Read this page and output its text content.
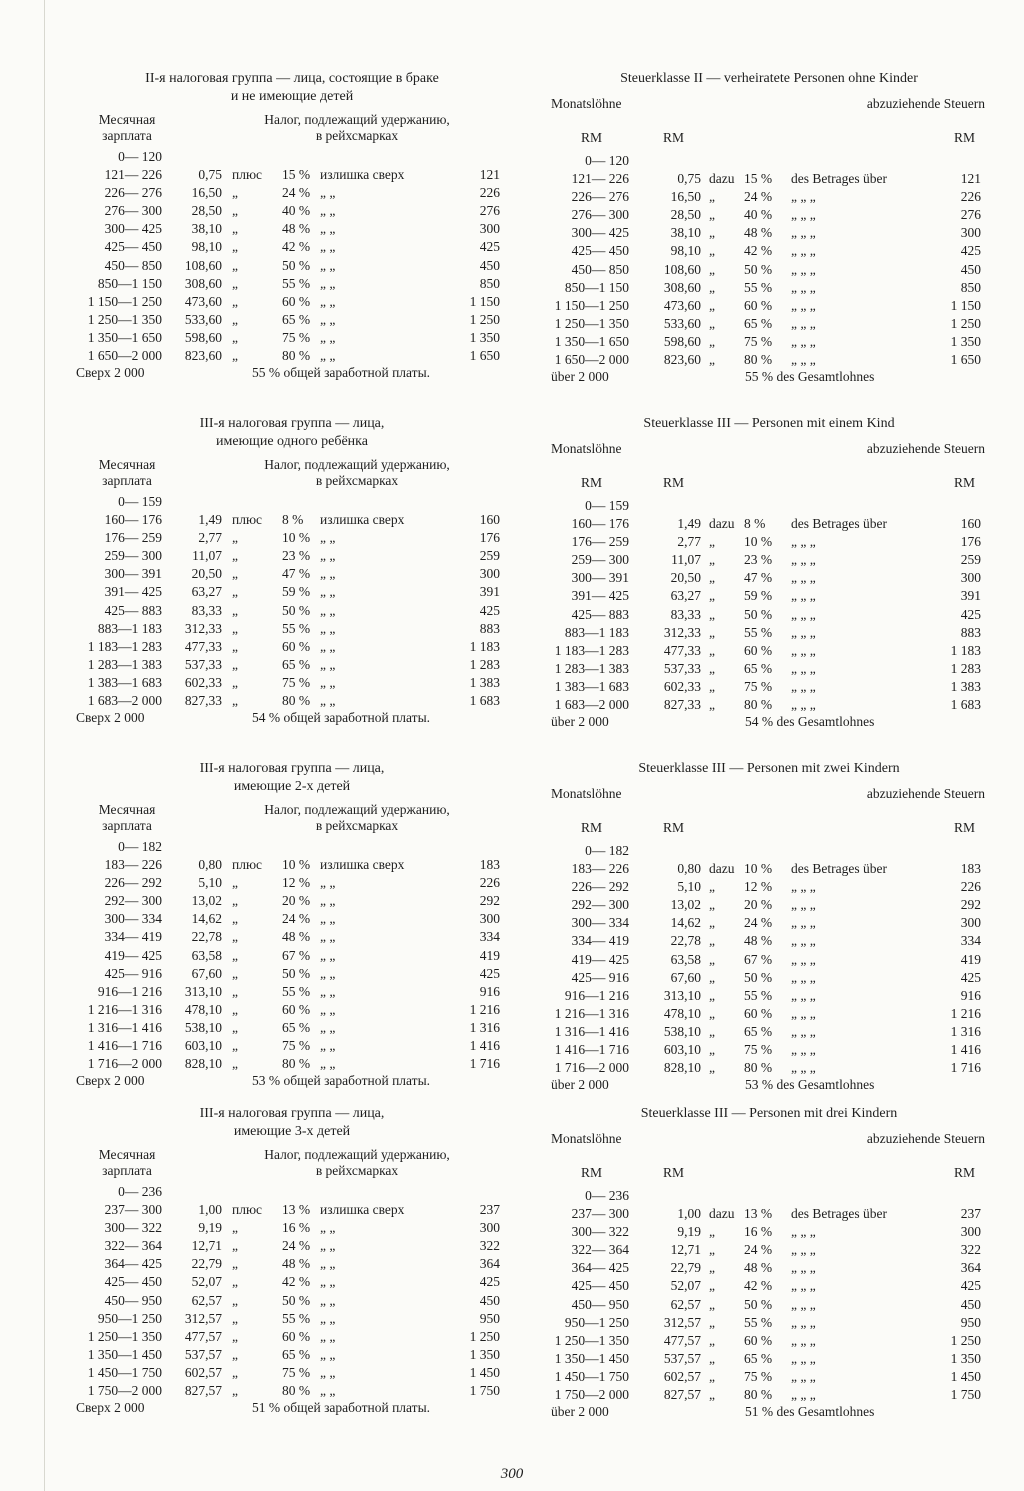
II-я налоговая группа — лица, состоящие в браке
и не имеющие детей
Месячная
зарплата
Налог, подлежащий удержанию,
в рейхсмарках
0— 120
121— 226	0,75 плюс 15 % излишка сверх	121
226— 276	16,50 „	24 % „ „	226
276— 300	28,50 „	40 % „ „	276
300— 425	38,10 „	48 % „ „	300
425— 450	98,10 „	42 % „ „	425
450— 850	108,60 „	50 % „ „	450
850—1 150	308,60 „	55 % „ „	850
1 150—1 250	473,60 „	60 % „ „	1 150
1 250—1 350	533,60 „	65 % „ „	1 250
1 350—1 650	598,60 „	75 % „ „	1 350
1 650—2 000	823,60 „	80 % „ „	1 650
Сверх 2 000	55 % общей заработной платы.
III-я налоговая группа — лица,
имеющие одного ребёнка
Месячная
зарплата
Налог, подлежащий удержанию,
в рейхсмарках
0— 159
160— 176	1,49 плюс 8 % излишка сверх	160
176— 259	2,77 „	10 % „ „	176
259— 300	11,07 „	23 % „ „	259
300— 391	20,50 „	47 % „ „	300
391— 425	63,27 „	59 % „ „	391
425— 883	83,33 „	50 % „ „	425
883—1 183	312,33 „	55 % „ „	883
1 183—1 283	477,33 „	60 % „ „	1 183
1 283—1 383	537,33 „	65 % „ „	1 283
1 383—1 683	602,33 „	75 % „ „	1 383
1 683—2 000	827,33 „	80 % „ „	1 683
Сверх 2 000	54 % общей заработной платы.
III-я налоговая группа — лица,
имеющие 2-х детей
Месячная
зарплата
Налог, подлежащий удержанию,
в рейхсмарках
0— 182
183— 226	0,80 плюс 10 % излишка сверх	183
226— 292	5,10 „	12 % „ „	226
292— 300	13,02 „	20 % „ „	292
300— 334	14,62 „	24 % „ „	300
334— 419	22,78 „	48 % „ „	334
419— 425	63,58 „	67 % „ „	419
425— 916	67,60 „	50 % „ „	425
916—1 216	313,10 „	55 % „ „	916
1 216—1 316	478,10 „	60 % „ „	1 216
1 316—1 416	538,10 „	65 % „ „	1 316
1 416—1 716	603,10 „	75 % „ „	1 416
1 716—2 000	828,10 „	80 % „ „	1 716
Сверх 2 000	53 % общей заработной платы.
III-я налоговая группа — лица,
имеющие 3-х детей
Месячная
зарплата
Налог, подлежащий удержанию,
в рейхсмарках
0— 236
237— 300	1,00 плюс 13 % излишка сверх	237
300— 322	9,19 „	16 % „ „	300
322— 364	12,71 „	24 % „ „	322
364— 425	22,79 „	48 % „ „	364
425— 450	52,07 „	42 % „ „	425
450— 950	62,57 „	50 % „ „	450
950—1 250	312,57 „	55 % „ „	950
1 250—1 350	477,57 „	60 % „ „	1 250
1 350—1 450	537,57 „	65 % „ „	1 350
1 450—1 750	602,57 „	75 % „ „	1 450
1 750—2 000	827,57 „	80 % „ „	1 750
Сверх 2 000	51 % общей заработной платы.
Steuerklasse II — verheiratete Personen ohne Kinder
Monatslöhne	abzuziehende Steuern
RM	RM	RM
0— 120
121— 226	0,75 dazu 15 % des Betrages über	121
226— 276	16,50 „ 24 % „ „ „	226
276— 300	28,50 „ 40 % „ „ „	276
300— 425	38,10 „ 48 % „ „ „	300
425— 450	98,10 „ 42 % „ „ „	425
450— 850	108,60 „ 50 % „ „ „	450
850—1 150	308,60 „ 55 % „ „ „	850
1 150—1 250	473,60 „ 60 % „ „ „	1 150
1 250—1 350	533,60 „ 65 % „ „ „	1 250
1 350—1 650	598,60 „ 75 % „ „ „	1 350
1 650—2 000	823,60 „ 80 % „ „ „	1 650
über 2 000	55 % des Gesamtlohnes
Steuerklasse III — Personen mit einem Kind
Monatslöhne	abzuziehende Steuern
RM	RM	RM
0— 159
160— 176	1,49 dazu 8 % des Betrages über	160
176— 259	2,77 „ 10 % „ „ „	176
259— 300	11,07 „ 23 % „ „ „	259
300— 391	20,50 „ 47 % „ „ „	300
391— 425	63,27 „ 59 % „ „ „	391
425— 883	83,33 „ 50 % „ „ „	425
883—1 183	312,33 „ 55 % „ „ „	883
1 183—1 283	477,33 „ 60 % „ „ „	1 183
1 283—1 383	537,33 „ 65 % „ „ „	1 283
1 383—1 683	602,33 „ 75 % „ „ „	1 383
1 683—2 000	827,33 „ 80 % „ „ „	1 683
über 2 000	54 % des Gesamtlohnes
Steuerklasse III — Personen mit zwei Kindern
Monatslöhne	abzuziehende Steuern
RM	RM	RM
0— 182
183— 226	0,80 dazu 10 % des Betrages über	183
226— 292	5,10 „ 12 % „ „ „	226
292— 300	13,02 „ 20 % „ „ „	292
300— 334	14,62 „ 24 % „ „ „	300
334— 419	22,78 „ 48 % „ „ „	334
419— 425	63,58 „ 67 % „ „ „	419
425— 916	67,60 „ 50 % „ „ „	425
916—1 216	313,10 „ 55 % „ „ „	916
1 216—1 316	478,10 „ 60 % „ „ „	1 216
1 316—1 416	538,10 „ 65 % „ „ „	1 316
1 416—1 716	603,10 „ 75 % „ „ „	1 416
1 716—2 000	828,10 „ 80 % „ „ „	1 716
über 2 000	53 % des Gesamtlohnes
Steuerklasse III — Personen mit drei Kindern
Monatslöhne	abzuziehende Steuern
RM	RM	RM
0— 236
237— 300	1,00 dazu 13 % des Betrages über	237
300— 322	9,19 „ 16 % „ „ „	300
322— 364	12,71 „ 24 % „ „ „	322
364— 425	22,79 „ 48 % „ „ „	364
425— 450	52,07 „ 42 % „ „ „	425
450— 950	62,57 „ 50 % „ „ „	450
950—1 250	312,57 „ 55 % „ „ „	950
1 250—1 350	477,57 „ 60 % „ „ „	1 250
1 350—1 450	537,57 „ 65 % „ „ „	1 350
1 450—1 750	602,57 „ 75 % „ „ „	1 450
1 750—2 000	827,57 „ 80 % „ „ „	1 750
über 2 000	51 % des Gesamtlohnes
300
